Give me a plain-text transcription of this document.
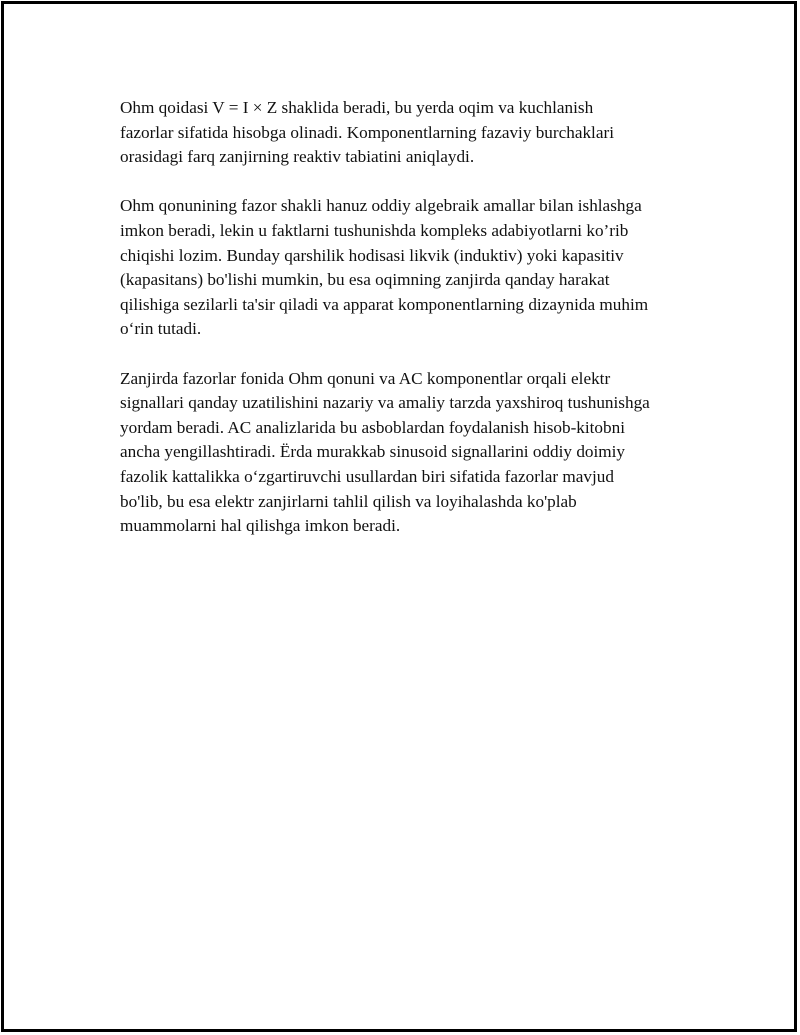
Ohm qoidasi V = I × Z shaklida beradi, bu yerda oqim va kuchlanish
fazorlar sifatida hisobga olinadi. Komponentlarning fazaviy burchaklari
orasidagi farq zanjirning reaktiv tabiatini aniqlaydi.

Ohm qonunining fazor shakli hanuz oddiy algebraik amallar bilan ishlashga
imkon beradi, lekin u faktlarni tushunishda kompleks adabiyotlarni ko’rib
chiqishi lozim. Bunday qarshilik hodisasi likvik (induktiv) yoki kapasitiv
(kapasitans) bo'lishi mumkin, bu esa oqimning zanjirda qanday harakat
qilishiga sezilarli ta'sir qiladi va apparat komponentlarning dizaynida muhim
oʻrin tutadi.

Zanjirda fazorlar fonida Ohm qonuni va AC komponentlar orqali elektr
signallari qanday uzatilishini nazariy va amaliy tarzda yaxshiroq tushunishga
yordam beradi. AC analizlarida bu asboblardan foydalanish hisob-kitobni
ancha yengillashtiradi. Ërda murakkab sinusoid signallarini oddiy doimiy
fazolik kattalikka oʻzgartiruvchi usullardan biri sifatida fazorlar mavjud
bo'lib, bu esa elektr zanjirlarni tahlil qilish va loyihalashda ko'plab
muammolarni hal qilishga imkon beradi.
